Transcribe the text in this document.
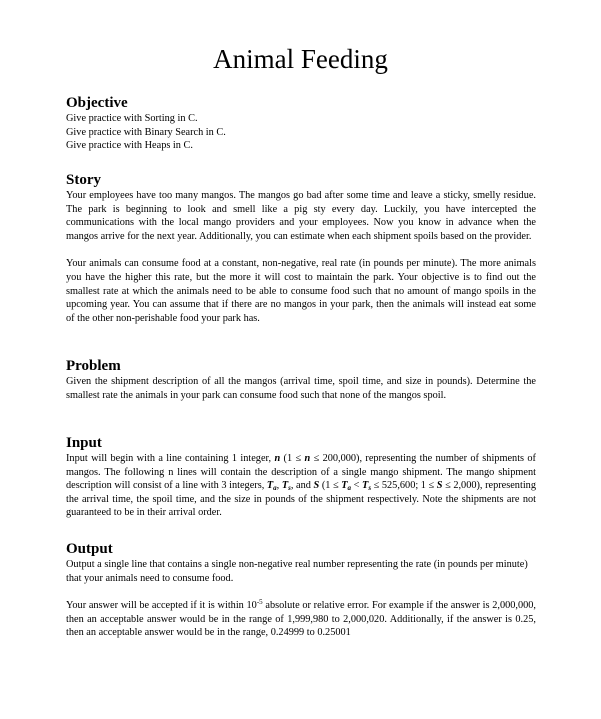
Animal Feeding

Objective

Give practice with Sorting in C.

Give practice with Binary Search in C.

Give practice with Heaps in C.

Story

Your employees have too many mangos. The mangos go bad after some time and leave a sticky, smelly residue. The park is beginning to look and smell like a pig sty every day. Luckily, you have intercepted the communications with the local mango providers and your employees. Now you know in advance when the mangos arrive for the next year. Additionally, you can estimate when each shipment spoils based on the provider.

Your animals can consume food at a constant, non-negative, real rate (in pounds per minute). The more animals you have the higher this rate, but the more it will cost to maintain the park. Your objective is to find out the smallest rate at which the animals need to be able to consume food such that no amount of mango spoils in the upcoming year. You can assume that if there are no mangos in your park, then the animals will instead eat some of the other non-perishable food your park has.

Problem

Given the shipment description of all the mangos (arrival time, spoil time, and size in pounds). Determine the smallest rate the animals in your park can consume food such that none of the mangos spoil.

Input

Input will begin with a line containing 1 integer, n (1 ≤ n ≤ 200,000), representing the number of shipments of mangos. The following n lines will contain the description of a single mango shipment. The mango shipment description will consist of a line with 3 integers, $T_a$, $T_s$, and S ($1 \le T_a < T_s \le 525,600$; 1 ≤ S ≤ 2,000), representing the arrival time, the spoil time, and the size in pounds of the shipment respectively. Note the shipments are not guaranteed to be in their arrival order.

Output

Output a single line that contains a single non-negative real number representing the rate (in pounds per minute) that your animals need to consume food.

Your answer will be accepted if it is within $10^{-5}$ absolute or relative error. For example if the answer is 2,000,000, then an acceptable answer would be in the range of 1,999,980 to 2,000,020. Additionally, if the answer is 0.25, then an acceptable answer would be in the range, 0.24999 to 0.25001
